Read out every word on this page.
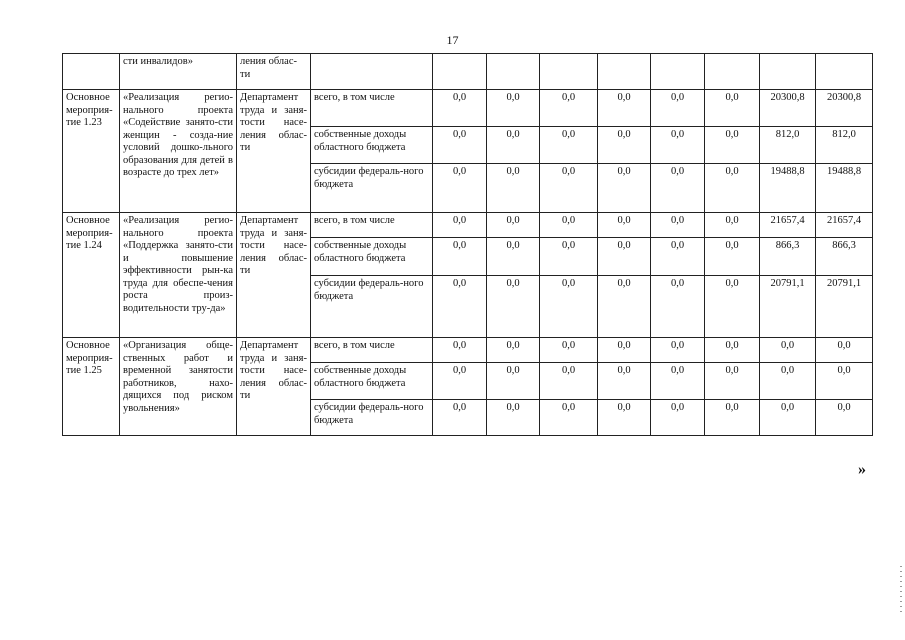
17
	сти инвалидов»	ления облас-ти									
Основное мероприя-тие 1.23	«Реализация регио-нального проекта «Содействие занято-сти женщин - созда-ние условий дошко-льного образования для детей в возрасте до трех лет»	Департамент труда и заня-тости насе-ления облас-ти	всего, в том числе	0,0	0,0	0,0	0,0	0,0	0,0	20300,8	20300,8
			собственные доходы областного бюджета	0,0	0,0	0,0	0,0	0,0	0,0	812,0	812,0
			субсидии федераль-ного бюджета	0,0	0,0	0,0	0,0	0,0	0,0	19488,8	19488,8
Основное мероприя-тие 1.24	«Реализация регио-нального проекта «Поддержка занято-сти и повышение эффективности рын-ка труда для обеспе-чения роста произ-водительности тру-да»	Департамент труда и заня-тости насе-ления облас-ти	всего, в том числе	0,0	0,0	0,0	0,0	0,0	0,0	21657,4	21657,4
			собственные доходы областного бюджета	0,0	0,0	0,0	0,0	0,0	0,0	866,3	866,3
			субсидии федераль-ного бюджета	0,0	0,0	0,0	0,0	0,0	0,0	20791,1	20791,1
Основное мероприя-тие 1.25	«Организация обще-ственных работ и временной занятости работников, нахо-дящихся под риском увольнения»	Департамент труда и заня-тости насе-ления облас-ти	всего, в том числе	0,0	0,0	0,0	0,0	0,0	0,0	0,0	0,0
			собственные доходы областного бюджета	0,0	0,0	0,0	0,0	0,0	0,0	0,0	0,0
			субсидии федераль-ного бюджета	0,0	0,0	0,0	0,0	0,0	0,0	0,0	0,0
»
